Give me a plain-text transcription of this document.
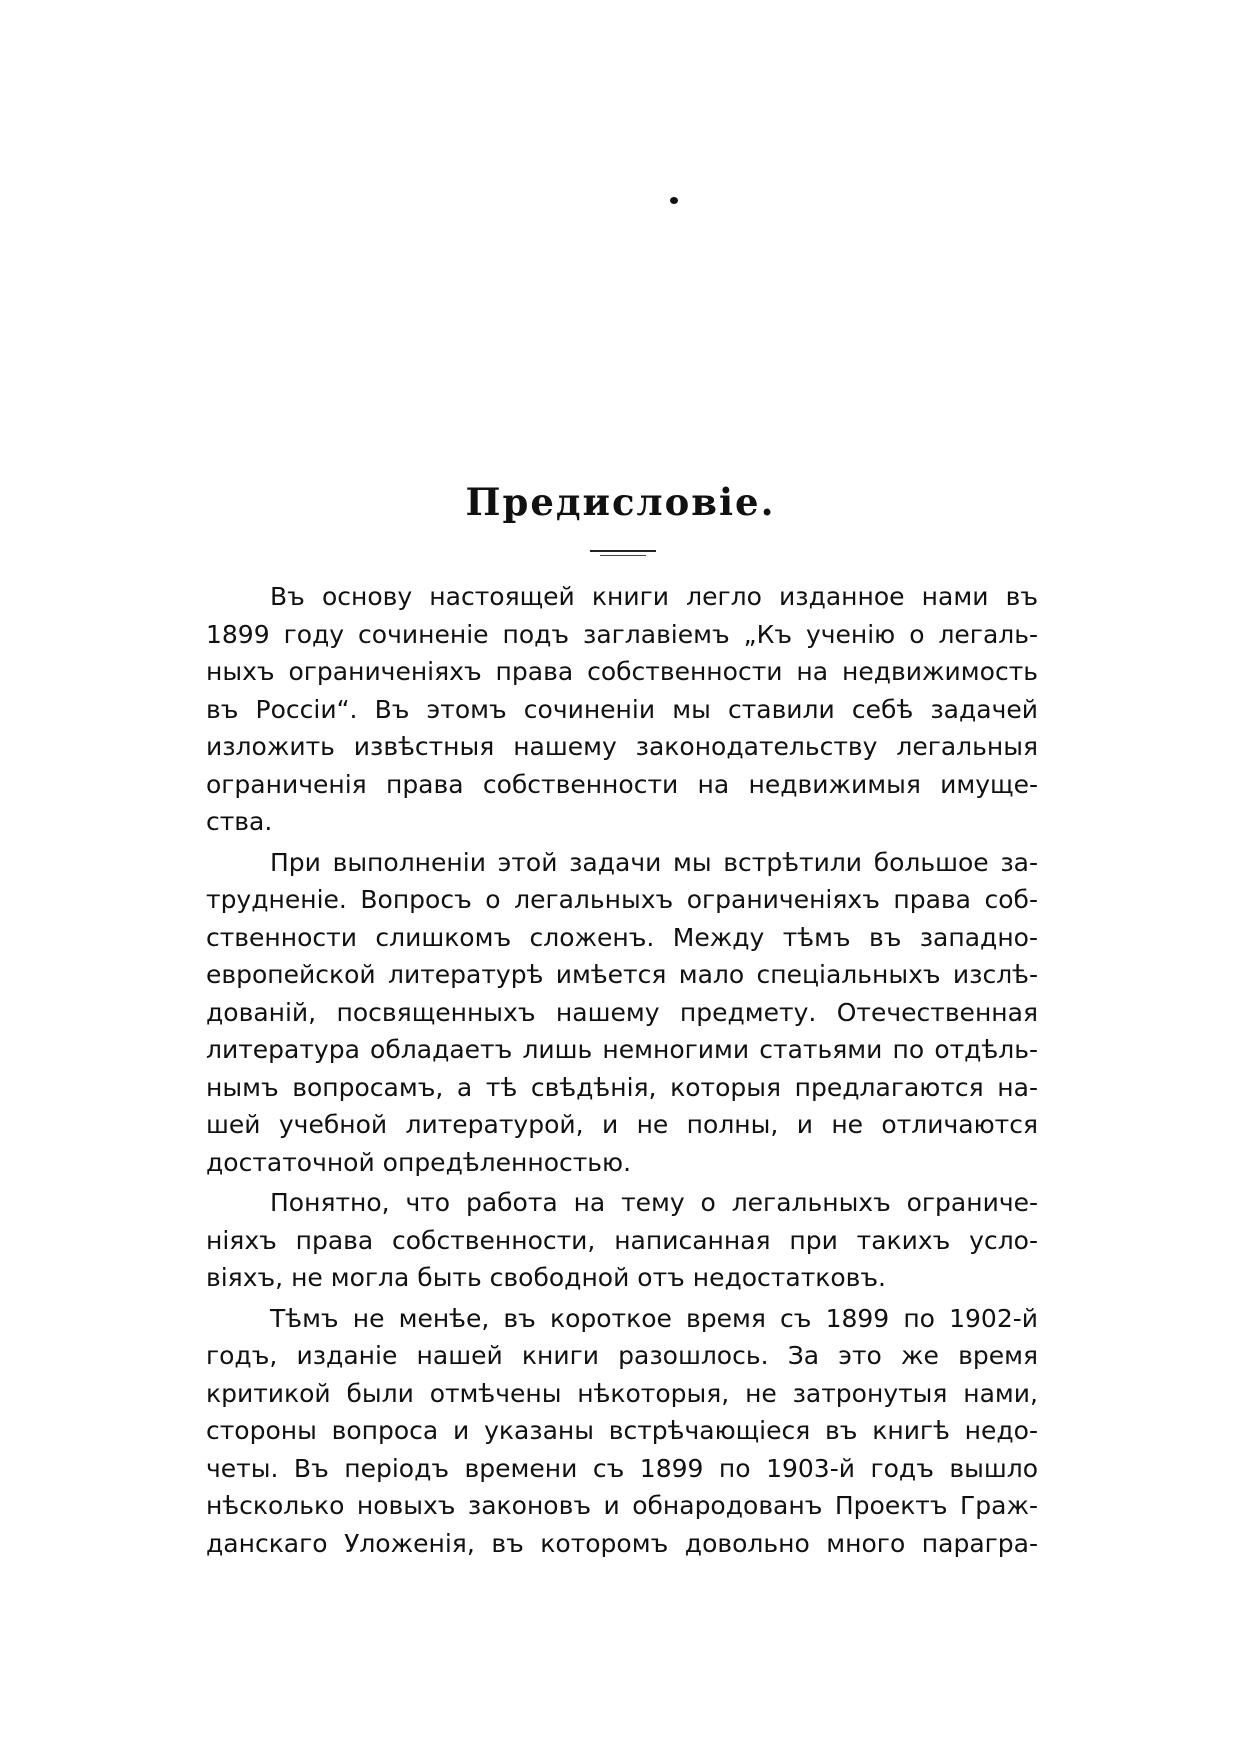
Предисловіе.
Въ основу настоящей книги легло изданное нами въ
1899 году сочиненіе подъ заглавіемъ „Къ ученію о легаль-
ныхъ ограниченіяхъ права собственности на недвижимость
въ Россіи“. Въ этомъ сочиненіи мы ставили себѣ задачей
изложить извѣстныя нашему законодательству легальныя
ограниченія права собственности на недвижимыя имуще-
ства.
При выполненіи этой задачи мы встрѣтили большое за-
трудненіе. Вопросъ о легальныхъ ограниченіяхъ права соб-
ственности слишкомъ сложенъ. Между тѣмъ въ западно-
европейской литературѣ имѣется мало спеціальныхъ изслѣ-
дованій, посвященныхъ нашему предмету. Отечественная
литература обладаетъ лишь немногими статьями по отдѣль-
нымъ вопросамъ, а тѣ свѣдѣнія, которыя предлагаются на-
шей учебной литературой, и не полны, и не отличаются
достаточной опредѣленностью.
Понятно, что работа на тему о легальныхъ ограниче-
ніяхъ права собственности, написанная при такихъ усло-
віяхъ, не могла быть свободной отъ недостатковъ.
Тѣмъ не менѣе, въ короткое время съ 1899 по 1902-й
годъ, изданіе нашей книги разошлось. За это же время
критикой были отмѣчены нѣкоторыя, не затронутыя нами,
стороны вопроса и указаны встрѣчающіеся въ книгѣ недо-
четы. Въ періодъ времени съ 1899 по 1903-й годъ вышло
нѣсколько новыхъ законовъ и обнародованъ Проектъ Граж-
данскаго Уложенія, въ которомъ довольно много паpагра-
